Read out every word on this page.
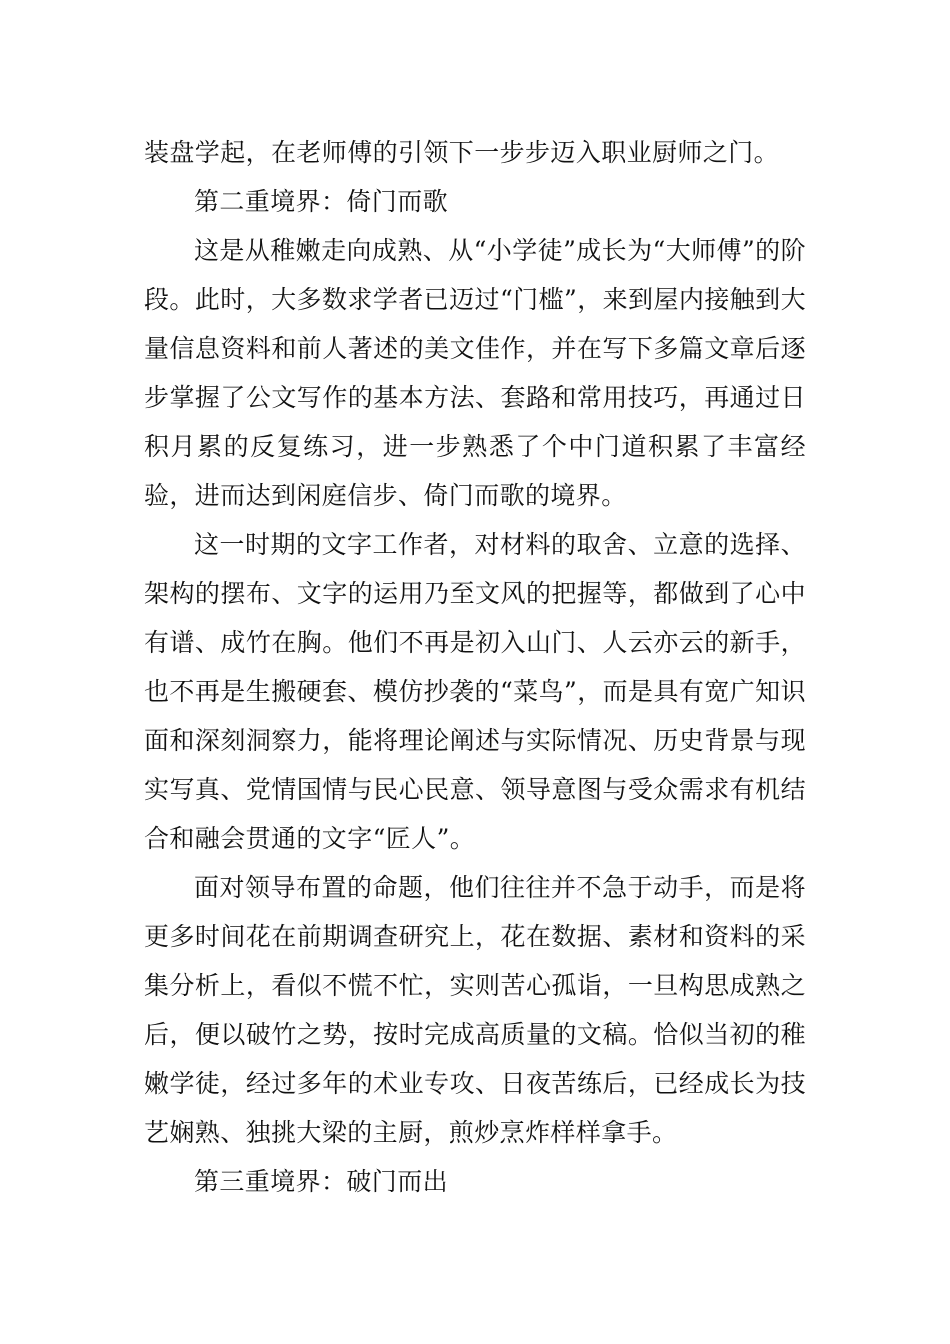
装盘学起，在老师傅的引领下一步步迈入职业厨师之门。

第二重境界：倚门而歌

这是从稚嫩走向成熟、从“小学徒”成长为“大师傅”的阶段。此时，大多数求学者已迈过“门槛”，来到屋内接触到大量信息资料和前人著述的美文佳作，并在写下多篇文章后逐步掌握了公文写作的基本方法、套路和常用技巧，再通过日积月累的反复练习，进一步熟悉了个中门道积累了丰富经验，进而达到闲庭信步、倚门而歌的境界。

这一时期的文字工作者，对材料的取舍、立意的选择、架构的摆布、文字的运用乃至文风的把握等，都做到了心中有谱、成竹在胸。他们不再是初入山门、人云亦云的新手，也不再是生搬硬套、模仿抄袭的“菜鸟”，而是具有宽广知识面和深刻洞察力，能将理论阐述与实际情况、历史背景与现实写真、党情国情与民心民意、领导意图与受众需求有机结合和融会贯通的文字“匠人”。

面对领导布置的命题，他们往往并不急于动手，而是将更多时间花在前期调查研究上，花在数据、素材和资料的采集分析上，看似不慌不忙，实则苦心孤诣，一旦构思成熟之后，便以破竹之势，按时完成高质量的文稿。恰似当初的稚嫩学徒，经过多年的术业专攻、日夜苦练后，已经成长为技艺娴熟、独挑大梁的主厨，煎炒烹炸样样拿手。

第三重境界：破门而出
